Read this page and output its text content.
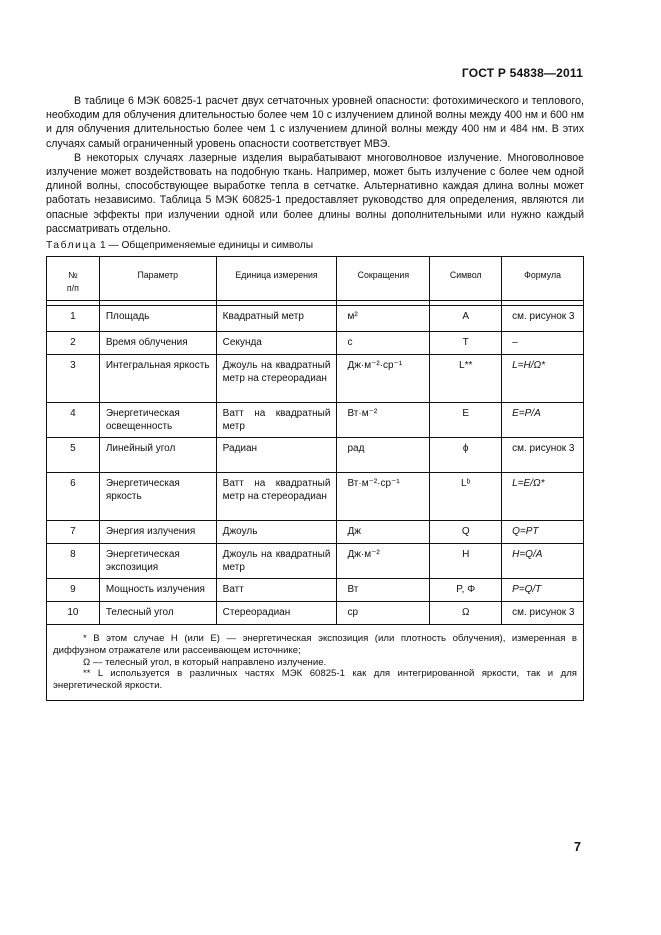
ГОСТ Р 54838—2011

В таблице 6 МЭК 60825-1 расчет двух сетчаточных уровней опасности: фотохимического и теплового, необходим для облучения длительностью более чем 10 с излучением длиной волны между 400 нм и 600 нм и для облучения длительностью более чем 1 с излучением длиной волны между 400 нм и 484 нм. В этих случаях самый ограниченный уровень опасности соответствует МВЭ.

В некоторых случаях лазерные изделия вырабатывают многоволновое излучение. Многоволновое излучение может воздействовать на подобную ткань. Например, может быть излучение с более чем одной длиной волны, способствующее выработке тепла в сетчатке. Альтернативно каждая длина волны может работать независимо. Таблица 5 МЭК 60825-1 предоставляет руководство для определения, являются ли опасные эффекты при излучении одной или более длины волны дополнительными или нужно каждый рассматривать отдельно.

Таблица 1 — Общеприменяемые единицы и символы
№
п/п	Параметр	Единица измерения	Сокращения	Символ	Формула

1	Площадь	Квадратный метр	м²	A	см. рисунок 3
2	Время облучения	Секунда	с	T	–
3	Интегральная яркость	Джоуль на квадратный метр на стереорадиан	Дж·м⁻²·ср⁻¹	L**	L=H/Ω*
4	Энергетическая освещенность	Ватт на квадратный метр	Вт·м⁻²	E	E=P/A
5	Линейный угол	Радиан	рад	ϕ	см. рисунок 3
6	Энергетическая яркость	Ватт на квадратный метр на стереорадиан	Вт·м⁻²·ср⁻¹	Lᵇ	L=E/Ω*
7	Энергия излучения	Джоуль	Дж	Q	Q=PT
8	Энергетическая экспозиция	Джоуль на квадратный метр	Дж·м⁻²	H	H=Q/A
9	Мощность излучения	Ватт	Вт	P, Φ	P=Q/T
10	Телесный угол	Стереорадиан	ср	Ω	см. рисунок 3

* В этом случае H (или E) — энергетическая экспозиция (или плотность облучения), измеренная в диффузном отражателе или рассеивающем источнике;

Ω — телесный угол, в который направлено излучение.

** L используется в различных частях МЭК 60825-1 как для интегрированной яркости, так и для энергетической яркости.					

7
